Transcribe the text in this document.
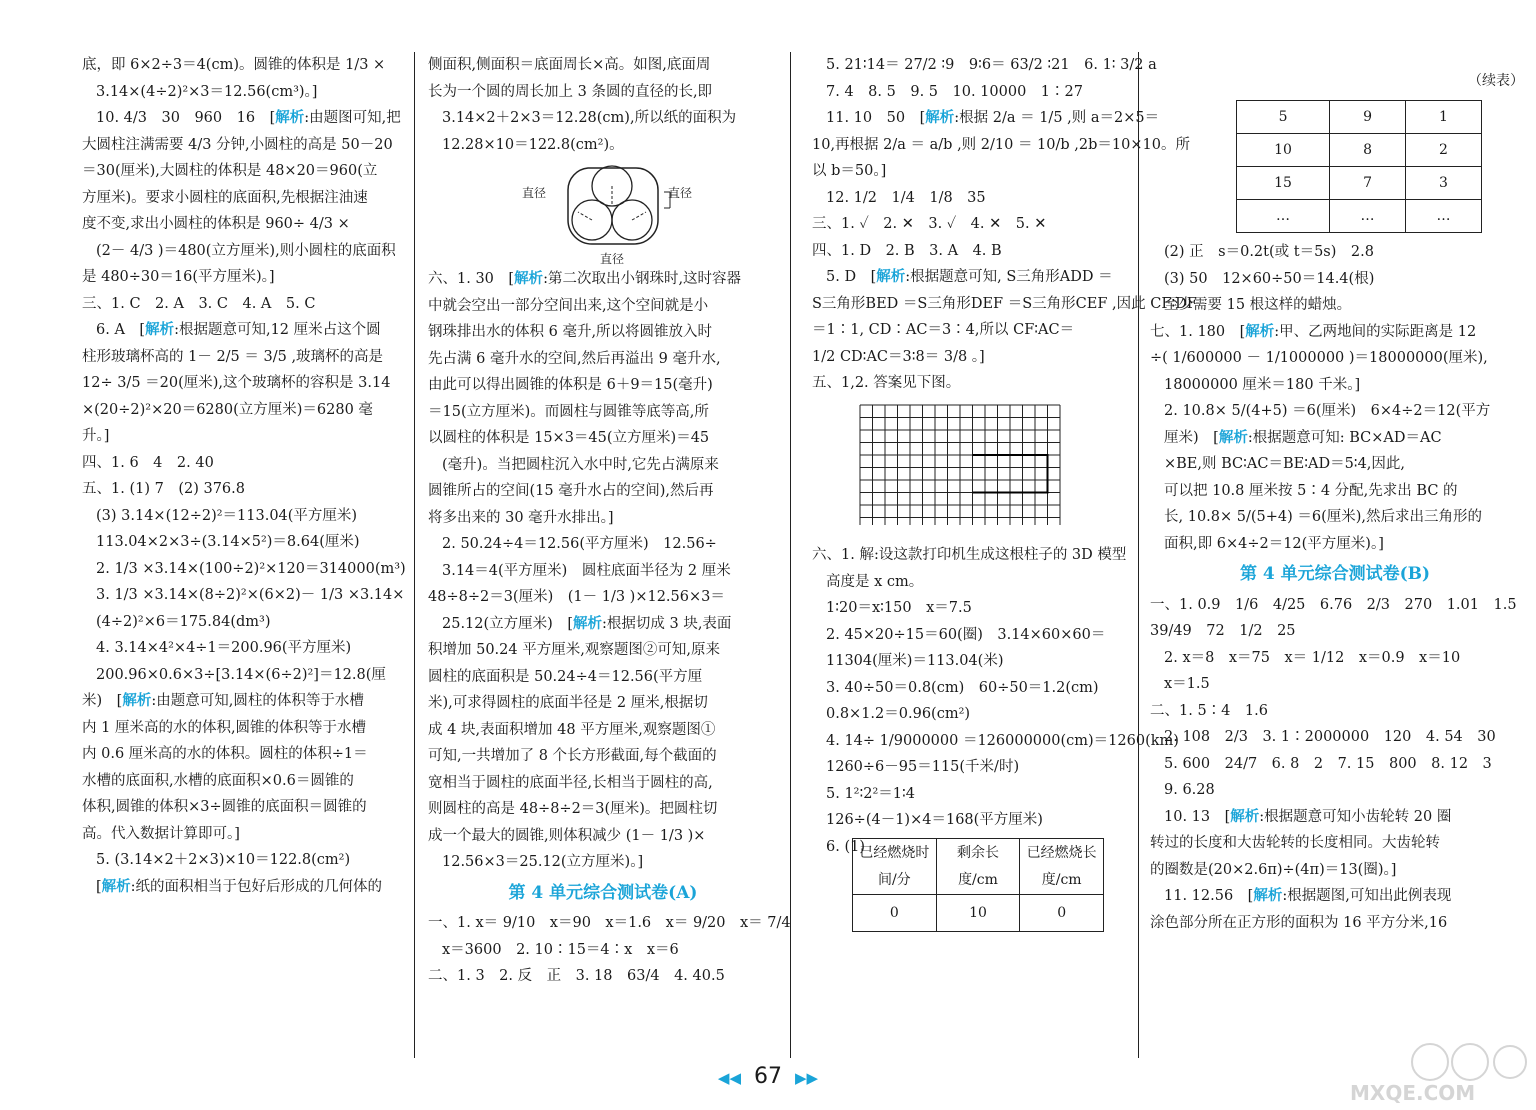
底，即 6×2÷3＝4(cm)。圆锥的体积是 1/3 ×

3.14×(4÷2)²×3＝12.56(cm³)。]

10. 4/3　30　960　16　[解析:由题图可知,把

大圆柱注满需要 4/3 分钟,小圆柱的高是 50－20

＝30(厘米),大圆柱的体积是 48×20＝960(立

方厘米)。要求小圆柱的底面积,先根据注油速

度不变,求出小圆柱的体积是 960÷ 4/3 ×

(2－ 4/3 )＝480(立方厘米),则小圆柱的底面积

是 480÷30＝16(平方厘米)。]

三、1. C　2. A　3. C　4. A　5. C

6. A　[解析:根据题意可知,12 厘米占这个圆

柱形玻璃杯高的 1－ 2/5 ＝ 3/5 ,玻璃杯的高是

12÷ 3/5 ＝20(厘米),这个玻璃杯的容积是 3.14

×(20÷2)²×20＝6280(立方厘米)＝6280 毫

升。]

四、1. 6　4　2. 40

五、1. (1) 7　(2) 376.8

(3) 3.14×(12÷2)²＝113.04(平方厘米)

113.04×2×3÷(3.14×5²)＝8.64(厘米)

2. 1/3 ×3.14×(100÷2)²×120＝314000(m³)

3. 1/3 ×3.14×(8÷2)²×(6×2)－ 1/3 ×3.14×

(4÷2)²×6＝175.84(dm³)

4. 3.14×4²×4÷1＝200.96(平方厘米)

200.96×0.6×3÷[3.14×(6÷2)²]＝12.8(厘

米)　[解析:由题意可知,圆柱的体积等于水槽

内 1 厘米高的水的体积,圆锥的体积等于水槽

内 0.6 厘米高的水的体积。圆柱的体积÷1＝

水槽的底面积,水槽的底面积×0.6＝圆锥的

体积,圆锥的体积×3÷圆锥的底面积＝圆锥的

高。代入数据计算即可。]

5. (3.14×2＋2×3)×10＝122.8(cm²)

[解析:纸的面积相当于包好后形成的几何体的

侧面积,侧面积＝底面周长×高。如图,底面周

长为一个圆的周长加上 3 条圆的直径的长,即

3.14×2＋2×3＝12.28(cm),所以纸的面积为

12.28×10＝122.8(cm²)。

直径	直径
直径

六、1. 30　[解析:第二次取出小钢珠时,这时容器

中就会空出一部分空间出来,这个空间就是小

钢珠排出水的体积 6 毫升,所以将圆锥放入时

先占满 6 毫升水的空间,然后再溢出 9 毫升水,

由此可以得出圆锥的体积是 6＋9＝15(毫升)

＝15(立方厘米)。而圆柱与圆锥等底等高,所

以圆柱的体积是 15×3＝45(立方厘米)＝45

(毫升)。当把圆柱沉入水中时,它先占满原来

圆锥所占的空间(15 毫升水占的空间),然后再

将多出来的 30 毫升水排出。]

2. 50.24÷4＝12.56(平方厘米)　12.56÷

3.14＝4(平方厘米)　圆柱底面半径为 2 厘米

48÷8÷2＝3(厘米)　(1－ 1/3 )×12.56×3＝

25.12(立方厘米)　[解析:根据切成 3 块,表面

积增加 50.24 平方厘米,观察题图②可知,原来

圆柱的底面积是 50.24÷4＝12.56(平方厘

米),可求得圆柱的底面半径是 2 厘米,根据切

成 4 块,表面积增加 48 平方厘米,观察题图①

可知,一共增加了 8 个长方形截面,每个截面的

宽相当于圆柱的底面半径,长相当于圆柱的高,

则圆柱的高是 48÷8÷2＝3(厘米)。把圆柱切

成一个最大的圆锥,则体积减少 (1－ 1/3 )×

12.56×3＝25.12(立方厘米)。]

第 4 单元综合测试卷(A)

一、1. x＝ 9/10　x＝90　x＝1.6　x＝ 9/20　x＝ 7/4

x＝3600　2. 10∶15＝4∶x　x＝6

二、1. 3　2. 反　正　3. 18　63/4　4. 40.5

5. 21∶14＝ 27/2 ∶9　9∶6＝ 63/2 ∶21　6. 1∶ 3/2 a

7. 4　8. 5　9. 5　10. 10000　1∶27

11. 10　50　[解析:根据 2/a ＝ 1/5 ,则 a＝2×5＝

10,再根据 2/a ＝ a/b ,则 2/10 ＝ 10/b ,2b＝10×10。所

以 b＝50。]

12. 1/2　1/4　1/8　35

三、1. ✓　2. ✕　3. ✓　4. ✕　5. ✕

四、1. D　2. B　3. A　4. B

5. D　[解析:根据题意可知, S三角形ADD ＝

S三角形BED ＝S三角形DEF ＝S三角形CEF ,因此 CF∶DF

＝1∶1, CD∶AC＝3∶4,所以 CF∶AC＝

1/2 CD∶AC＝3∶8＝ 3/8 。]

五、1,2. 答案见下图。

六、1. 解:设这款打印机生成这根柱子的 3D 模型

高度是 x cm。

1∶20＝x∶150　x＝7.5

2. 45×20÷15＝60(圈)　3.14×60×60＝

11304(厘米)＝113.04(米)

3. 40÷50＝0.8(cm)　60÷50＝1.2(cm)

0.8×1.2＝0.96(cm²)

4. 14÷ 1/9000000 ＝126000000(cm)＝1260(km)

1260÷6－95＝115(千米/时)

5. 1²∶2²＝1∶4

126÷(4－1)×4＝168(平方厘米)

6. (1)

已经燃烧时间/分	剩余长度/cm	已经燃烧长度/cm
0	10	0
（续表）
5	9	1
10	8	2
15	7	3
…	…	…

(2) 正　s＝0.2t(或 t＝5s)　2.8

(3) 50　12×60÷50＝14.4(根)

至少需要 15 根这样的蜡烛。

七、1. 180　[解析:甲、乙两地间的实际距离是 12

÷( 1/600000 － 1/1000000 )＝18000000(厘米),

18000000 厘米＝180 千米。]

2. 10.8× 5/(4+5) ＝6(厘米)　6×4÷2＝12(平方

厘米)　[解析:根据题意可知: BC×AD＝AC

×BE,则 BC∶AC＝BE∶AD＝5∶4,因此,

可以把 10.8 厘米按 5∶4 分配,先求出 BC 的

长, 10.8× 5/(5+4) ＝6(厘米),然后求出三角形的

面积,即 6×4÷2＝12(平方厘米)。]

第 4 单元综合测试卷(B)

一、1. 0.9　1/6　4/25　6.76　2/3　270　1.01　1.5

39/49　72　1/2　25

2. x＝8　x＝75　x＝ 1/12　x＝0.9　x＝10

x＝1.5

二、1. 5∶4　1.6

2. 108　2/3　3. 1∶2000000　120　4. 54　30

5. 600　24/7　6. 8　2　7. 15　800　8. 12　3

9. 6.28

10. 13　[解析:根据题意可知小齿轮转 20 圈

转过的长度和大齿轮转的长度相同。大齿轮转

的圈数是(20×2.6π)÷(4π)＝13(圈)。]

11. 12.56　[解析:根据题图,可知出此例表现

涂色部分所在正方形的面积为 16 平方分米,16

◀◀ 67 ▶▶
MXQE.COM
